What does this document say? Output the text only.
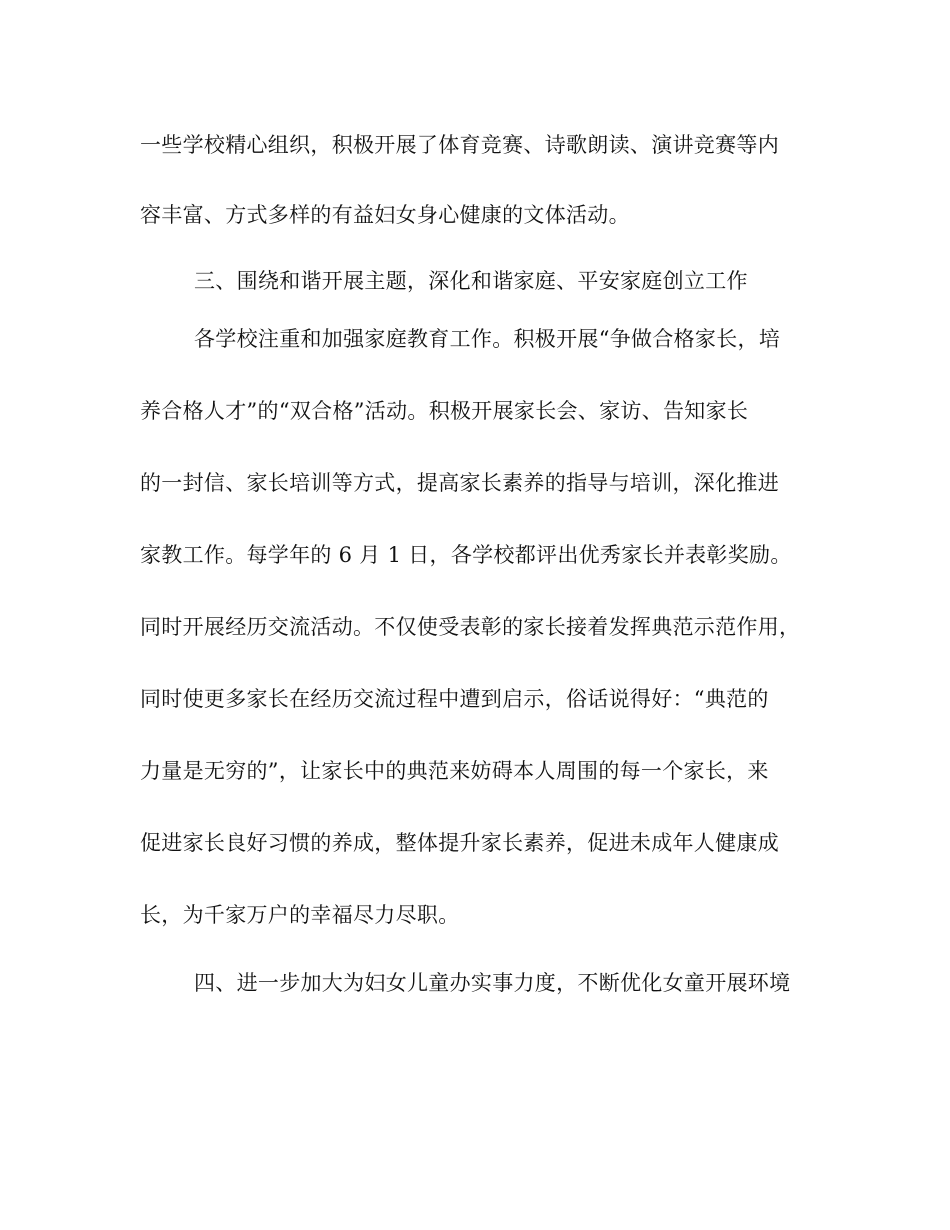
一些学校精心组织，积极开展了体育竞赛、诗歌朗读、演讲竞赛等内
容丰富、方式多样的有益妇女身心健康的文体活动。
三、围绕和谐开展主题，深化和谐家庭、平安家庭创立工作
各学校注重和加强家庭教育工作。积极开展“争做合格家长，培
养合格人才”的“双合格”活动。积极开展家长会、家访、告知家长
的一封信、家长培训等方式，提高家长素养的指导与培训，深化推进
家教工作。每学年的 6 月 1 日，各学校都评出优秀家长并表彰奖励。
同时开展经历交流活动。不仅使受表彰的家长接着发挥典范示范作用，
同时使更多家长在经历交流过程中遭到启示，俗话说得好：“典范的
力量是无穷的”，让家长中的典范来妨碍本人周围的每一个家长，来
促进家长良好习惯的养成，整体提升家长素养，促进未成年人健康成
长，为千家万户的幸福尽力尽职。
四、进一步加大为妇女儿童办实事力度，不断优化女童开展环境
